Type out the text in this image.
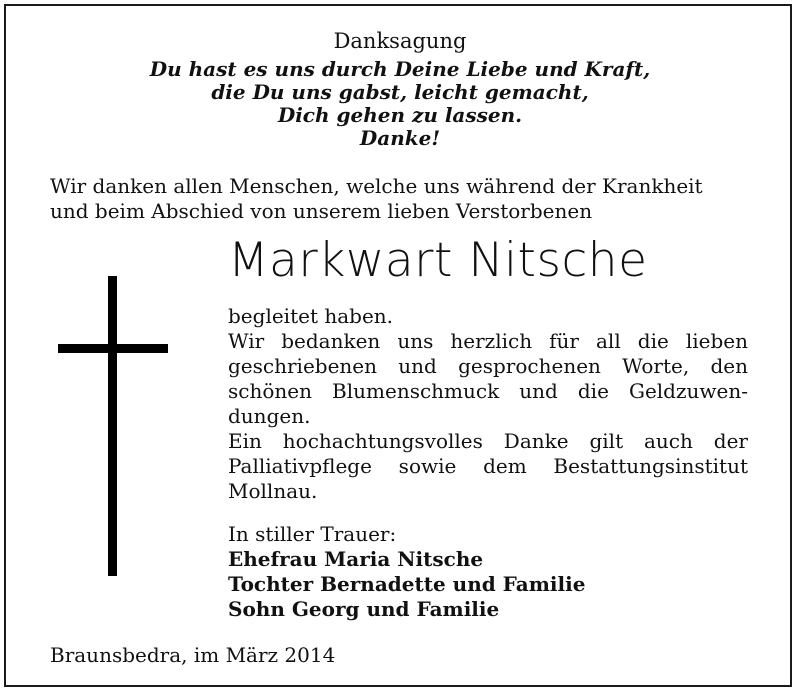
Danksagung
Du hast es uns durch Deine Liebe und Kraft,
die Du uns gabst, leicht gemacht,
Dich gehen zu lassen.
Danke!
Wir danken allen Menschen, welche uns während der Krankheit
und beim Abschied von unserem lieben Verstorbenen
Markwart Nitsche
begleitet haben.
Wir bedanken uns herzlich für all die lieben
geschriebenen und gesprochenen Worte, den
schönen Blumenschmuck und die Geldzuwen-
dungen.
Ein hochachtungsvolles Danke gilt auch der
Palliativpflege sowie dem Bestattungsinstitut
Mollnau.
In stiller Trauer:
Ehefrau Maria Nitsche
Tochter Bernadette und Familie
Sohn Georg und Familie
Braunsbedra, im März 2014
